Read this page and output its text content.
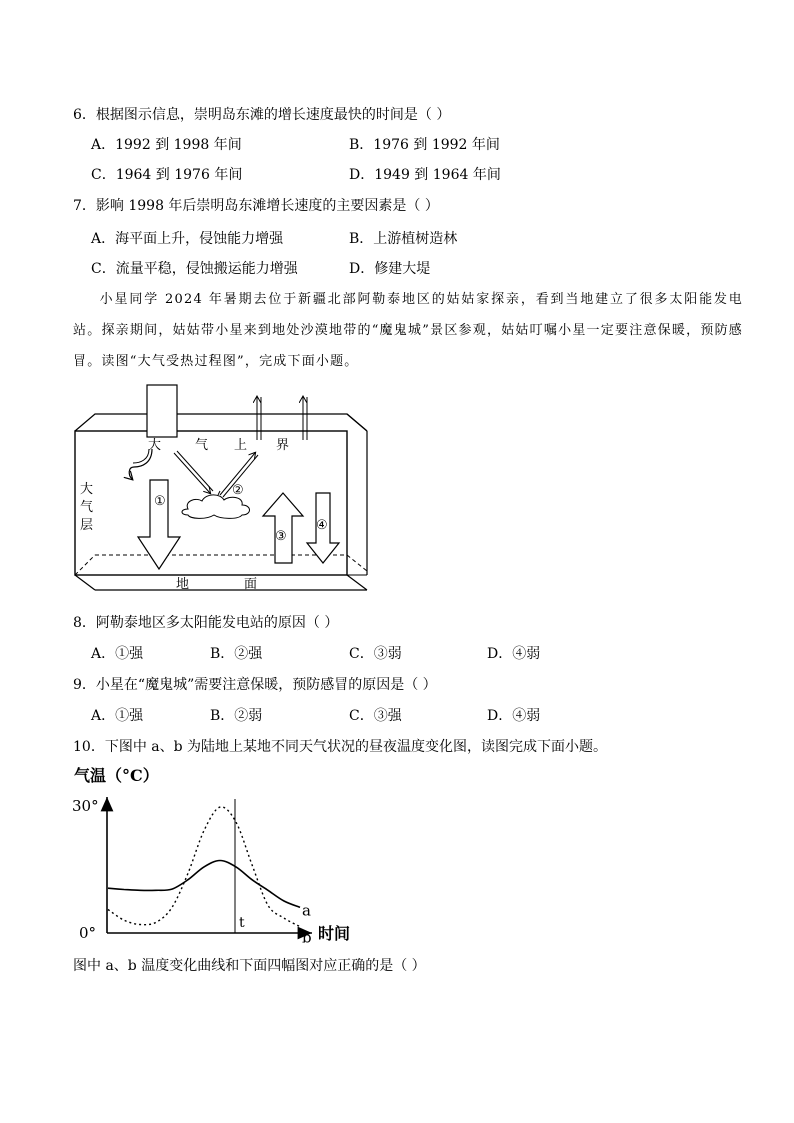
6．根据图示信息，崇明岛东滩的增长速度最快的时间是（ ）
A．1992 到 1998 年间	B．1976 到 1992 年间
C．1964 到 1976 年间	D．1949 到 1964 年间
7．影响 1998 年后崇明岛东滩增长速度的主要因素是（ ）
A．海平面上升，侵蚀能力增强	B．上游植树造林
C．流量平稳，侵蚀搬运能力增强	D．修建大堤
小星同学 2024 年暑期去位于新疆北部阿勒泰地区的姑姑家探亲，看到当地建立了很多太阳能发电站。探亲期间，姑姑带小星来到地处沙漠地带的“魔鬼城”景区参观，姑姑叮嘱小星一定要注意保暖，预防感冒。读图“大气受热过程图”，完成下面小题。
大	气 上 界
大
气
层
地	面
①
②
③
④
8．阿勒泰地区多太阳能发电站的原因（ ）
A．①强	B．②强	C．③弱	D．④弱
9．小星在“魔鬼城”需要注意保暖，预防感冒的原因是（ ）
A．①强	B．②弱	C．③强	D．④弱
10．下图中 a、b 为陆地上某地不同天气状况的昼夜温度变化图，读图完成下面小题。
气温（°C）
30°
0°	时间
t
a
b
图中 a、b 温度变化曲线和下面四幅图对应正确的是（ ）
